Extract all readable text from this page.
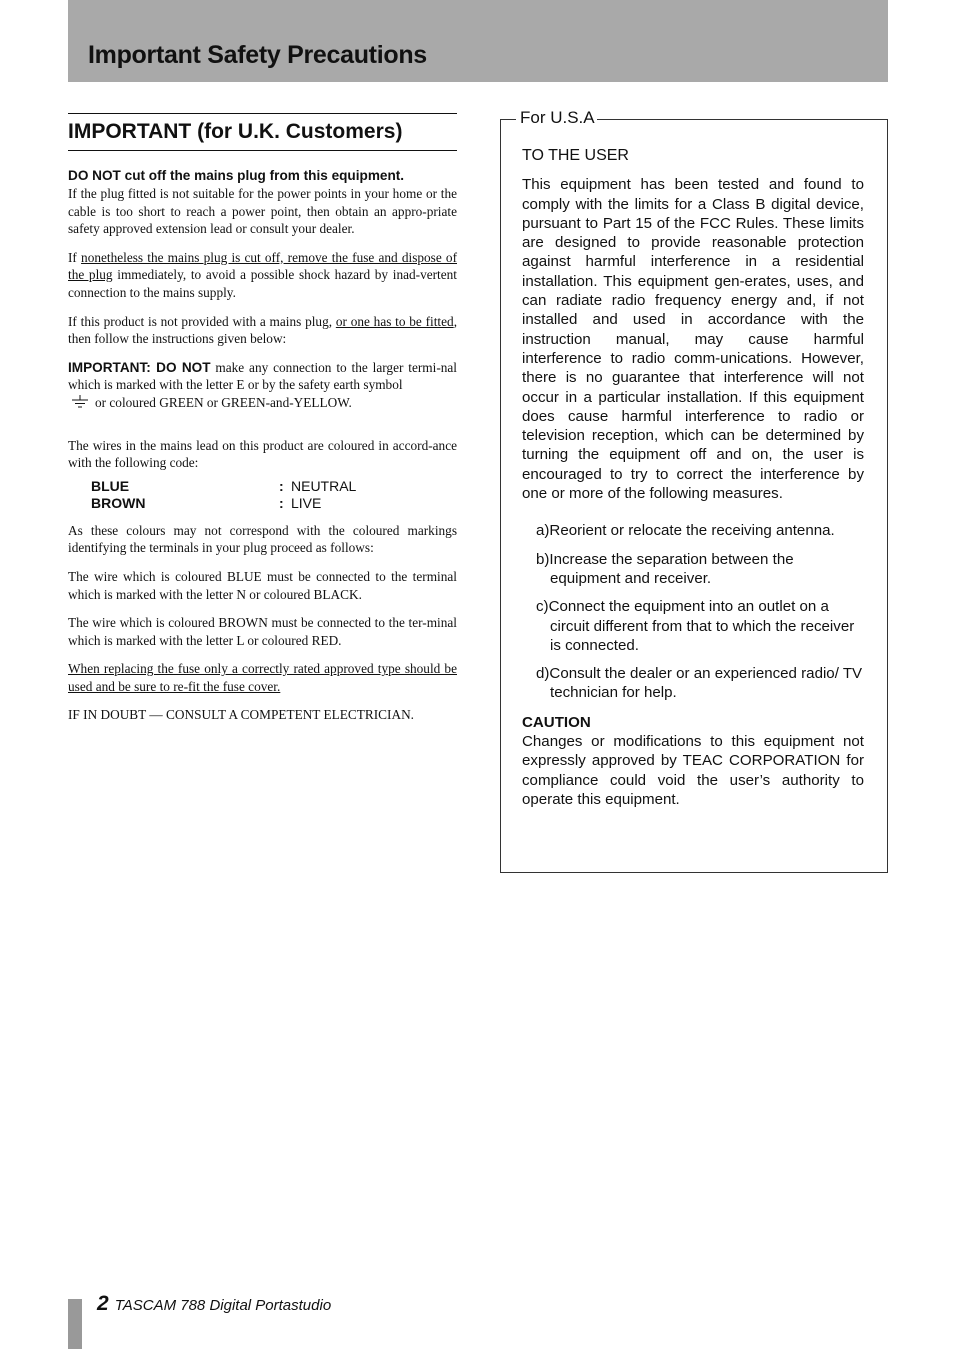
Important Safety Precautions
IMPORTANT (for U.K. Customers)
DO NOT cut off the mains plug from this equipment.

If the plug fitted is not suitable for the power points in your home or the cable is too short to reach a power point, then obtain an appro-priate safety approved extension lead or consult your dealer.

If nonetheless the mains plug is cut off, remove the fuse and dispose of the plug immediately, to avoid a possible shock hazard by inad-vertent connection to the mains supply.

If this product is not provided with a mains plug, or one has to be fitted, then follow the instructions given below:

IMPORTANT: DO NOT make any connection to the larger termi-nal which is marked with the letter E or by the safety earth symbol
or coloured GREEN or GREEN-and-YELLOW.

The wires in the mains lead on this product are coloured in accord-ance with the following code:

BLUE	: NEUTRAL
BROWN	: LIVE

As these colours may not correspond with the coloured markings identifying the terminals in your plug proceed as follows:

The wire which is coloured BLUE must be connected to the terminal which is marked with the letter N or coloured BLACK.

The wire which is coloured BROWN must be connected to the ter-minal which is marked with the letter L or coloured RED.

When replacing the fuse only a correctly rated approved type should be used and be sure to re-fit the fuse cover.

IF IN DOUBT — CONSULT A COMPETENT ELECTRICIAN.

For U.S.A
TO THE USER

This equipment has been tested and found to comply with the limits for a Class B digital device, pursuant to Part 15 of the FCC Rules. These limits are designed to provide reasonable protection against harmful interference in a residential installation. This equipment gen-erates, uses, and can radiate radio frequency energy and, if not installed and used in accordance with the instruction manual, may cause harmful interference to radio comm-unications. However, there is no guarantee that interference will not occur in a particular installation. If this equipment does cause harmful interference to radio or television reception, which can be determined by turning the equipment off and on, the user is encouraged to try to correct the interference by one or more of the following measures.

a)Reorient or relocate the receiving antenna.
b)Increase the separation between the equipment and receiver.
c)Connect the equipment into an outlet on a circuit different from that to which the receiver is connected.
d)Consult the dealer or an experienced radio/ TV technician for help.
CAUTION

Changes or modifications to this equipment not expressly approved by TEAC CORPORATION for compliance could void the user’s authority to operate this equipment.

2 TASCAM 788 Digital Portastudio
